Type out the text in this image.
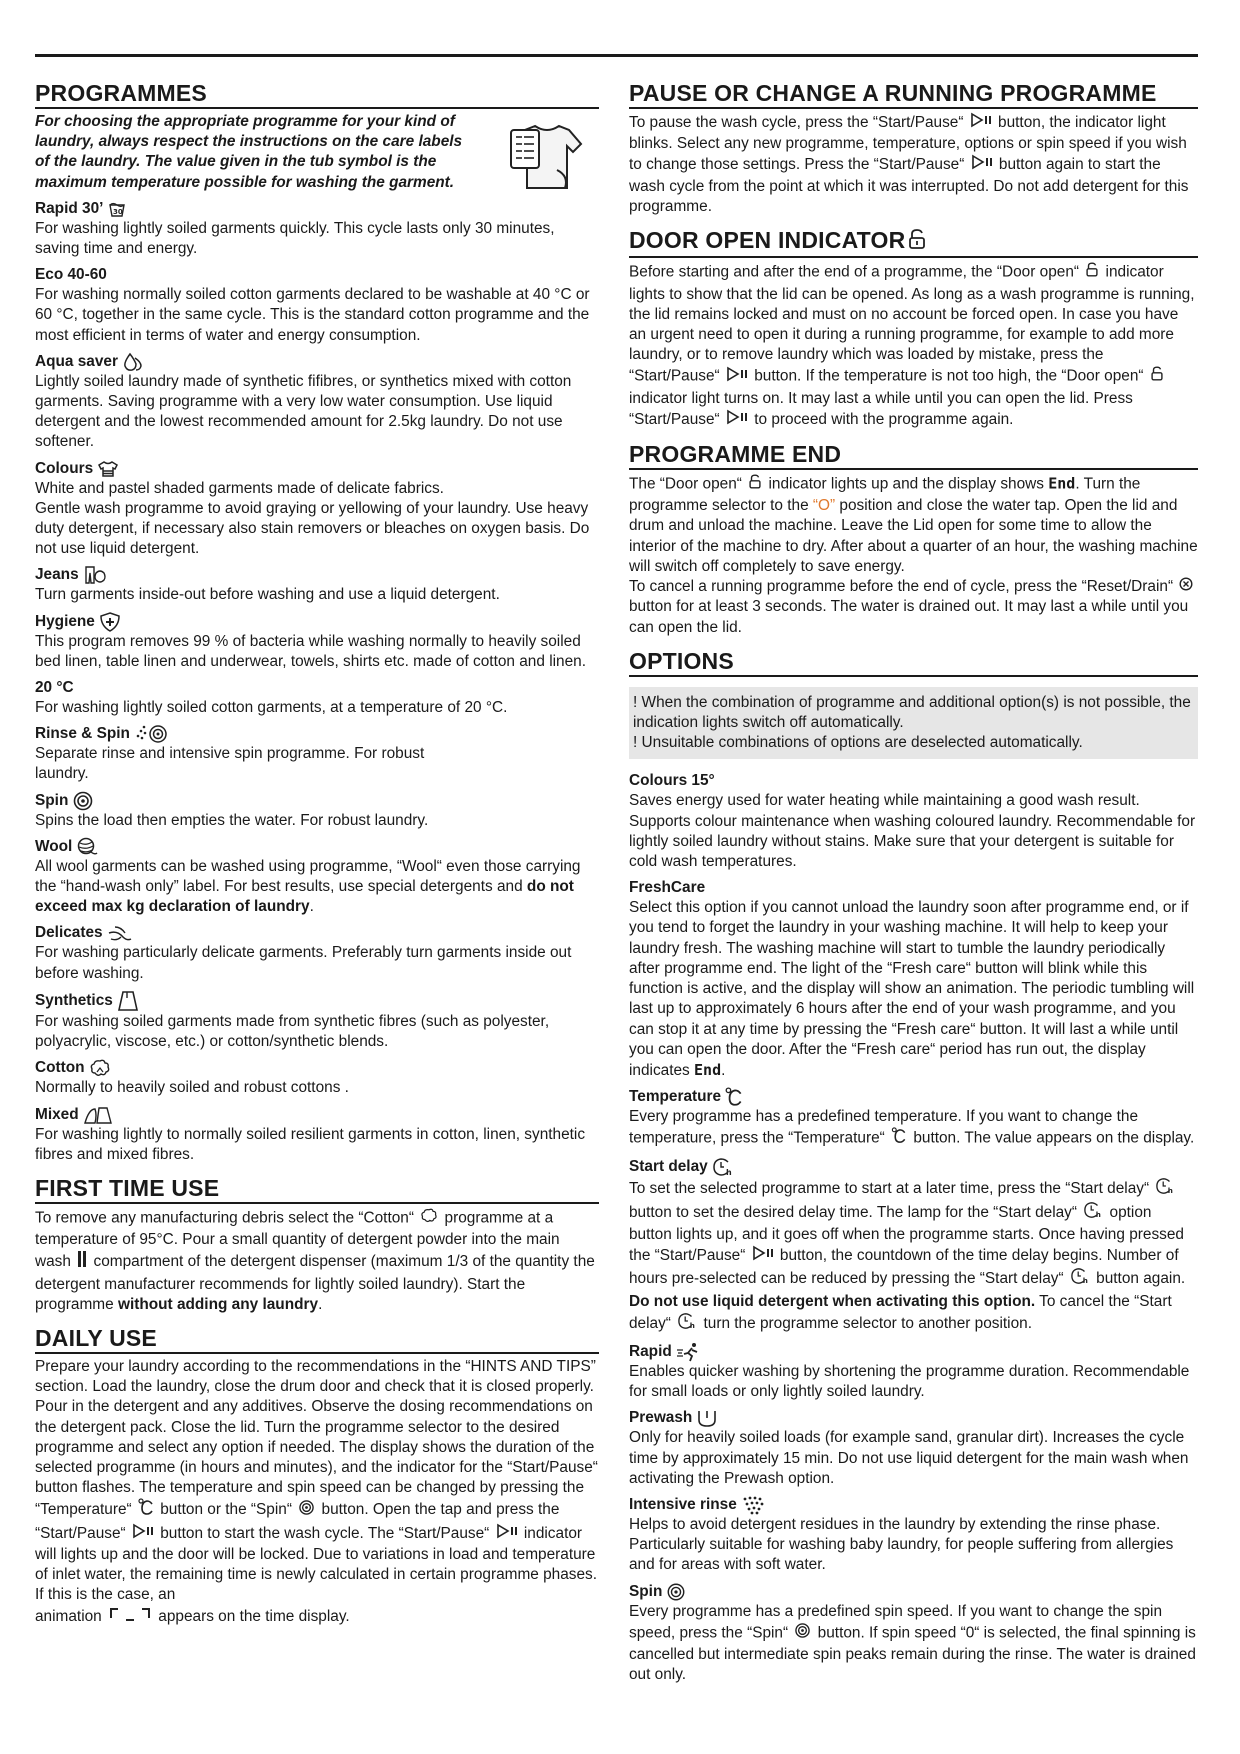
PROGRAMMES

For choosing the appropriate programme for your kind of laundry, always respect the instructions on the care labels of the laundry. The value given in the tub symbol is the maximum temperature possible for washing the garment.

Rapid 30’ 30

For washing lightly soiled garments quickly. This cycle lasts only 30 minutes, saving time and energy.

Eco 40-60

For washing normally soiled cotton garments declared to be washable at 40 °C or 60 °C, together in the same cycle. This is the standard cotton programme and the most efficient in terms of water and energy consumption.

Aqua saver

Lightly soiled laundry made of synthetic fifibres, or synthetics mixed with cotton garments. Saving programme with a very low water consumption. Use liquid detergent and the lowest recommended amount for 2.5kg laundry. Do not use softener.

Colours

White and pastel shaded garments made of delicate fabrics.
Gentle wash programme to avoid graying or yellowing of your laundry. Use heavy duty detergent, if necessary also stain removers or bleaches on oxygen basis. Do not use liquid detergent.

Jeans

Turn garments inside-out before washing and use a liquid detergent.

Hygiene

This program removes 99 % of bacteria while washing normally to heavily soiled bed linen, table linen and underwear, towels, shirts etc. made of cotton and linen.

20 °C

For washing lightly soiled cotton garments, at a temperature of 20 °C.

Rinse & Spin

Separate rinse and intensive spin programme. For robust
laundry.

Spin

Spins the load then empties the water. For robust laundry.

Wool

All wool garments can be washed using programme, “Wool“ even those carrying the “hand-wash only” label. For best results, use special detergents and do not exceed max kg declaration of laundry.

Delicates

For washing particularly delicate garments. Preferably turn garments inside out before washing.

Synthetics

For washing soiled garments made from synthetic fibres (such as polyester, polyacrylic, viscose, etc.) or cotton/synthetic blends.

Cotton

Normally to heavily soiled and robust cottons .

Mixed

For washing lightly to normally soiled resilient garments in cotton, linen, synthetic fibres and mixed fibres.

FIRST TIME USE

To remove any manufacturing debris select the “Cotton“  programme at a temperature of 95°C. Pour a small quantity of detergent powder into the main wash  compartment of the detergent dispenser (maximum 1/3 of the quantity the detergent manufacturer recommends for lightly soiled laundry). Start the programme without adding any laundry.

DAILY USE

Prepare your laundry according to the recommendations in the “HINTS AND TIPS” section. Load the laundry, close the drum door and check that it is closed properly. Pour in the detergent and any additives. Observe the dosing recommendations on the detergent pack. Close the lid. Turn the programme selector to the desired programme and select any option if needed. The display shows the duration of the selected programme (in hours and minutes), and the indicator for the “Start/Pause“ button flashes. The temperature and spin speed can be changed by pressing the “Temperature“  button or the “Spin“  button. Open the tap and press the “Start/Pause“  button to start the wash cycle. The “Start/Pause“  indicator will lights up and the door will be locked. Due to variations in load and temperature of inlet water, the remaining time is newly calculated in certain programme phases. If this is the case, an
animation	appears on the time display.

PAUSE OR CHANGE A RUNNING PROGRAMME

To pause the wash cycle, press the “Start/Pause“  button, the indicator light blinks. Select any new programme, temperature, options or spin speed if you wish to change those settings. Press the “Start/Pause“  button again to start the wash cycle from the point at which it was interrupted. Do not add detergent for this programme.

DOOR OPEN INDICATOR

Before starting and after the end of a programme, the “Door open“  indicator lights to show that the lid can be opened. As long as a wash programme is running, the lid remains locked and must on no account be forced open. In case you have an urgent need to open it during a running programme, for example to add more laundry, or to remove laundry which was loaded by mistake, press the “Start/Pause“  button. If the temperature is not too high, the “Door open“  indicator light turns on. It may last a while until you can open the lid. Press “Start/Pause“  to proceed with the programme again.

PROGRAMME END

The “Door open“  indicator lights up and the display shows End. Turn the programme selector to the “O” position and close the water tap. Open the lid and drum and unload the machine. Leave the Lid open for some time to allow the interior of the machine to dry. After about a quarter of an hour, the washing machine will switch off completely to save energy.
To cancel a running programme before the end of cycle, press the “Reset/Drain“  button for at least 3 seconds. The water is drained out. It may last a while until you can open the lid.

OPTIONS

! When the combination of programme and additional option(s) is not possible, the indication lights switch off automatically.

! Unsuitable combinations of options are deselected automatically.

Colours 15°

Saves energy used for water heating while maintaining a good wash result. Supports colour maintenance when washing coloured laundry. Recommendable for lightly soiled laundry without stains. Make sure that your detergent is suitable for cold wash temperatures.

FreshCare

Select this option if you cannot unload the laundry soon after programme end, or if you tend to forget the laundry in your washing machine. It will help to keep your laundry fresh. The washing machine will start to tumble the laundry periodically after programme end. The light of the “Fresh care“ button will blink while this function is active, and the display will show an animation. The periodic tumbling will last up to approximately 6 hours after the end of your wash programme, and you can stop it at any time by pressing the “Fresh care“ button. It will last a while until you can open the door. After the “Fresh care“ period has run out, the display indicates End.

Temperature

Every programme has a predefined temperature. If you want to change the temperature, press the “Temperature“  button. The value appears on the display.

Start delay h

To set the selected programme to start at a later time, press the “Start delay“ h
button to set the desired delay time. The lamp for the “Start delay“ h option button lights up, and it goes off when the programme starts. Once having pressed the “Start/Pause“  button, the countdown of the time delay begins. Number of hours pre-selected can be reduced by pressing the “Start delay“ h button again. Do not use liquid detergent when activating this option. To cancel the “Start delay“ h turn the programme selector to another position.

Rapid

Enables quicker washing by shortening the programme duration. Recommendable for small loads or only lightly soiled laundry.

Prewash

Only for heavily soiled loads (for example sand, granular dirt). Increases the cycle time by approximately 15 min. Do not use liquid detergent for the main wash when activating the Prewash option.

Intensive rinse

Helps to avoid detergent residues in the laundry by extending the rinse phase. Particularly suitable for washing baby laundry, for people suffering from allergies and for areas with soft water.

Spin

Every programme has a predefined spin speed. If you want to change the spin speed, press the “Spin“  button. If spin speed “0“ is selected, the final spinning is cancelled but intermediate spin peaks remain during the rinse. The water is drained out only.
